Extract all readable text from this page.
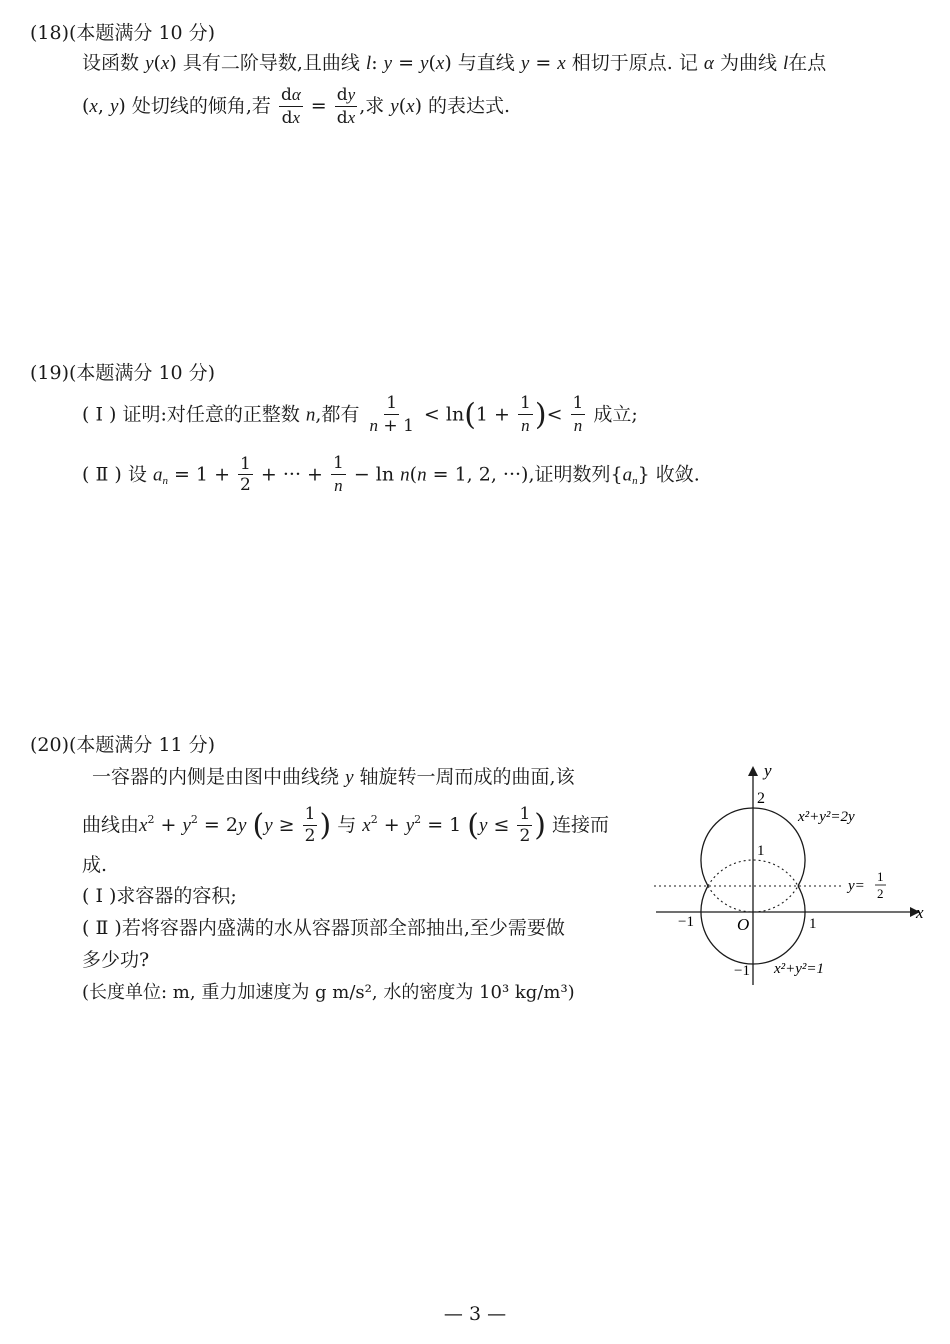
(18)(本题满分 10 分)
设函数 y(x) 具有二阶导数,且曲线 l: y = y(x) 与直线 y = x 相切于原点. 记 α 为曲线 l在点
(x, y) 处切线的倾角,若 $\frac{d\alpha}{dx} = \frac{dy}{dx}$ ,求 y(x) 的表达式.
(19)(本题满分 10 分)
( Ⅰ ) 证明:对任意的正整数 n,都有 $\frac{1}{n + 1} < \ln(1 + \frac{1}{n}$ )< $\frac{1}{n}$ 成立;
( Ⅱ ) 设 $a_n = 1 + \frac{1}{2}$ + ··· + $\frac{1}{n} - \ln n(n = 1$, 2, ···),证明数列$\{a_n\}$ 收敛.
(20)(本题满分 11 分)
一容器的内侧是由图中曲线绕 y 轴旋转一周而成的曲面,该
曲线由$x^2 + y^2 = 2y$ ($y \ge \frac{1}{2}$ ) 与 $x^2 + y^2 = 1$ ($y \le \frac{1}{2}$ ) 连接而
成.
( Ⅰ )求容器的容积;
( Ⅱ )若将容器内盛满的水从容器顶部全部抽出,至少需要做
多少功?
(长度单位: m, 重力加速度为 g m/s², 水的密度为 10³ kg/m³)
y
x
O
2
1
−1	1
−1
x²+y²=2y
x²+y²=1
y=
1
2
— 3 —
